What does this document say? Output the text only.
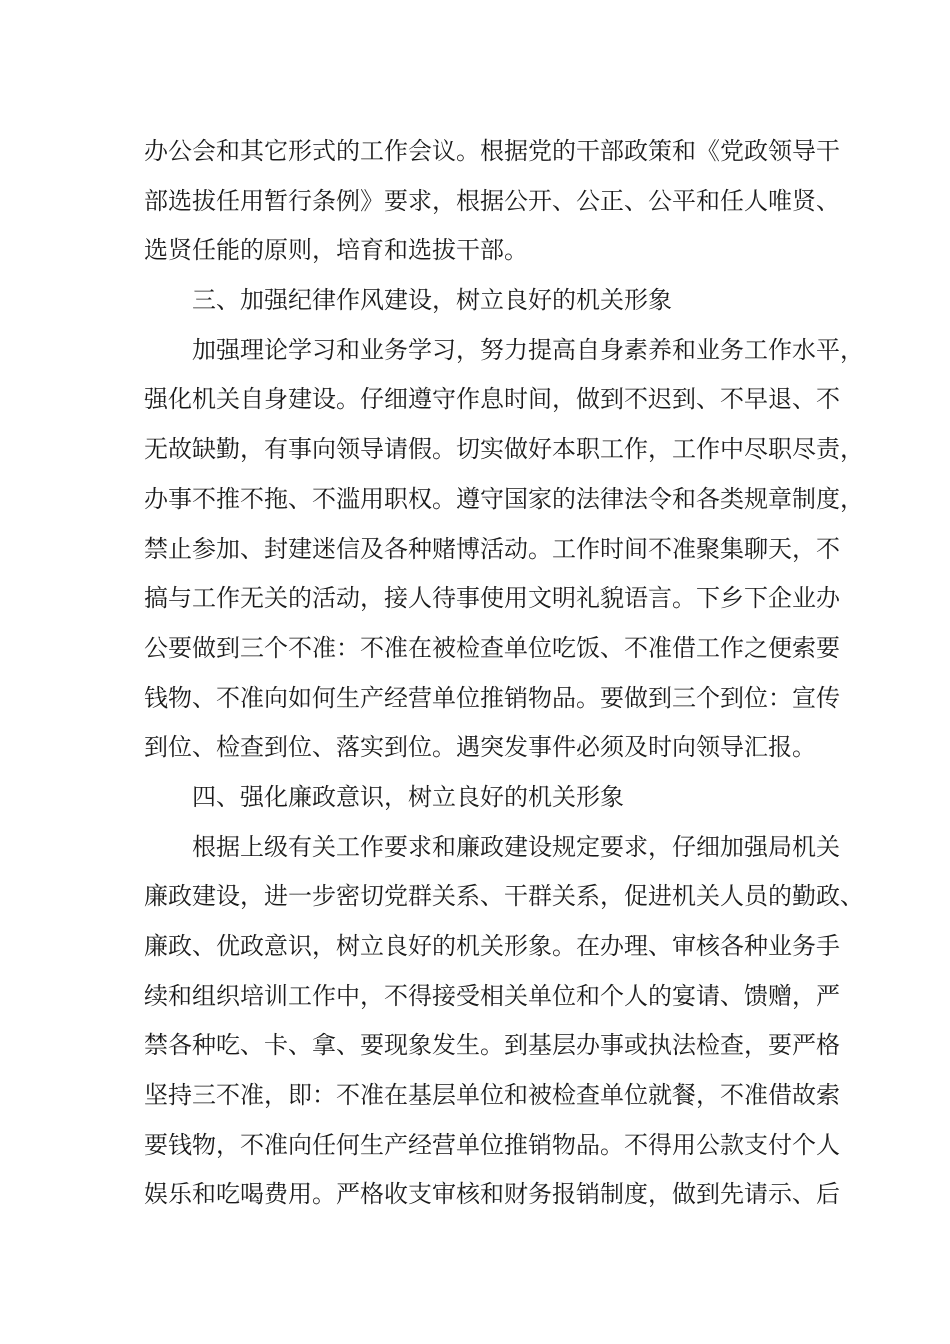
办公会和其它形式的工作会议。根据党的干部政策和《党政领导干
部选拔任用暂行条例》要求，根据公开、公正、公平和任人唯贤、
选贤任能的原则，培育和选拔干部。
三、加强纪律作风建设，树立良好的机关形象
加强理论学习和业务学习，努力提高自身素养和业务工作水平，
强化机关自身建设。仔细遵守作息时间，做到不迟到、不早退、不
无故缺勤，有事向领导请假。切实做好本职工作，工作中尽职尽责，
办事不推不拖、不滥用职权。遵守国家的法律法令和各类规章制度，
禁止参加、封建迷信及各种赌博活动。工作时间不准聚集聊天，不
搞与工作无关的活动，接人待事使用文明礼貌语言。下乡下企业办
公要做到三个不准：不准在被检查单位吃饭、不准借工作之便索要
钱物、不准向如何生产经营单位推销物品。要做到三个到位：宣传
到位、检查到位、落实到位。遇突发事件必须及时向领导汇报。
四、强化廉政意识，树立良好的机关形象
根据上级有关工作要求和廉政建设规定要求，仔细加强局机关
廉政建设，进一步密切党群关系、干群关系，促进机关人员的勤政、
廉政、优政意识，树立良好的机关形象。在办理、审核各种业务手
续和组织培训工作中，不得接受相关单位和个人的宴请、馈赠，严
禁各种吃、卡、拿、要现象发生。到基层办事或执法检查，要严格
坚持三不准，即：不准在基层单位和被检查单位就餐，不准借故索
要钱物，不准向任何生产经营单位推销物品。不得用公款支付个人
娱乐和吃喝费用。严格收支审核和财务报销制度，做到先请示、后
